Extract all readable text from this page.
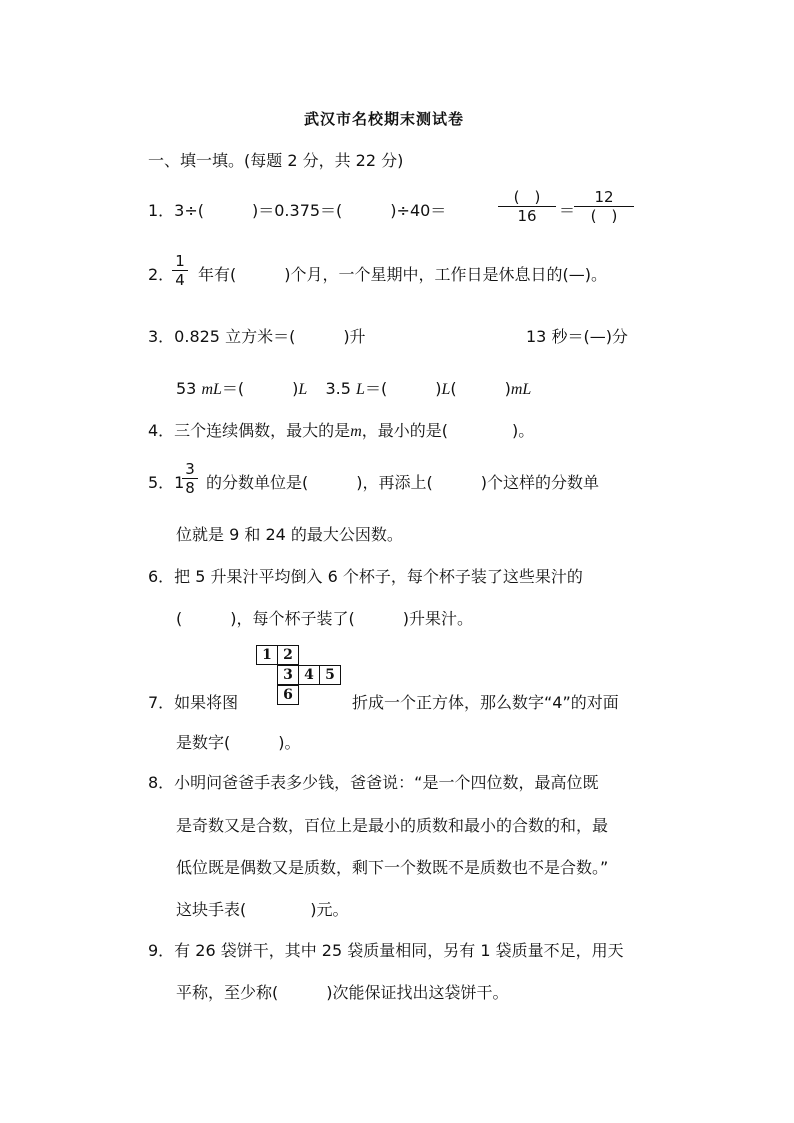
武汉市名校期末测试卷
一、填一填。(每题 2 分，共 22 分)
1．3÷(　　　)＝0.375＝(　　　)÷40＝
(　)
16	＝
12
(　)
2．
$\frac{1}{4}$ 年有(　　　)个月，一个星期中，工作日是休息日的(—)。
3．0.825 立方米＝(　　　)升	13 秒＝(—)分
53 mL＝(　　　)L 3.5 L＝(　　　)L(　　　)mL
4．三个连续偶数，最大的是m，最小的是(　　　　)。
5．1
$\frac{3}{8}$ 的分数单位是(　　　)，再添上(　　　)个这样的分数单
位就是 9 和 24 的最大公因数。
6．把 5 升果汁平均倒入 6 个杯子，每个杯子装了这些果汁的
(　　　)，每个杯子装了(　　　)升果汁。
1 2
3 4 5
6
7．如果将图	折成一个正方体，那么数字“4”的对面
是数字(　　　)。
8．小明问爸爸手表多少钱，爸爸说：“是一个四位数，最高位既
是奇数又是合数，百位上是最小的质数和最小的合数的和，最
低位既是偶数又是质数，剩下一个数既不是质数也不是合数。”
这块手表(　　　　)元。
9．有 26 袋饼干，其中 25 袋质量相同，另有 1 袋质量不足，用天
平称，至少称(　　　)次能保证找出这袋饼干。
